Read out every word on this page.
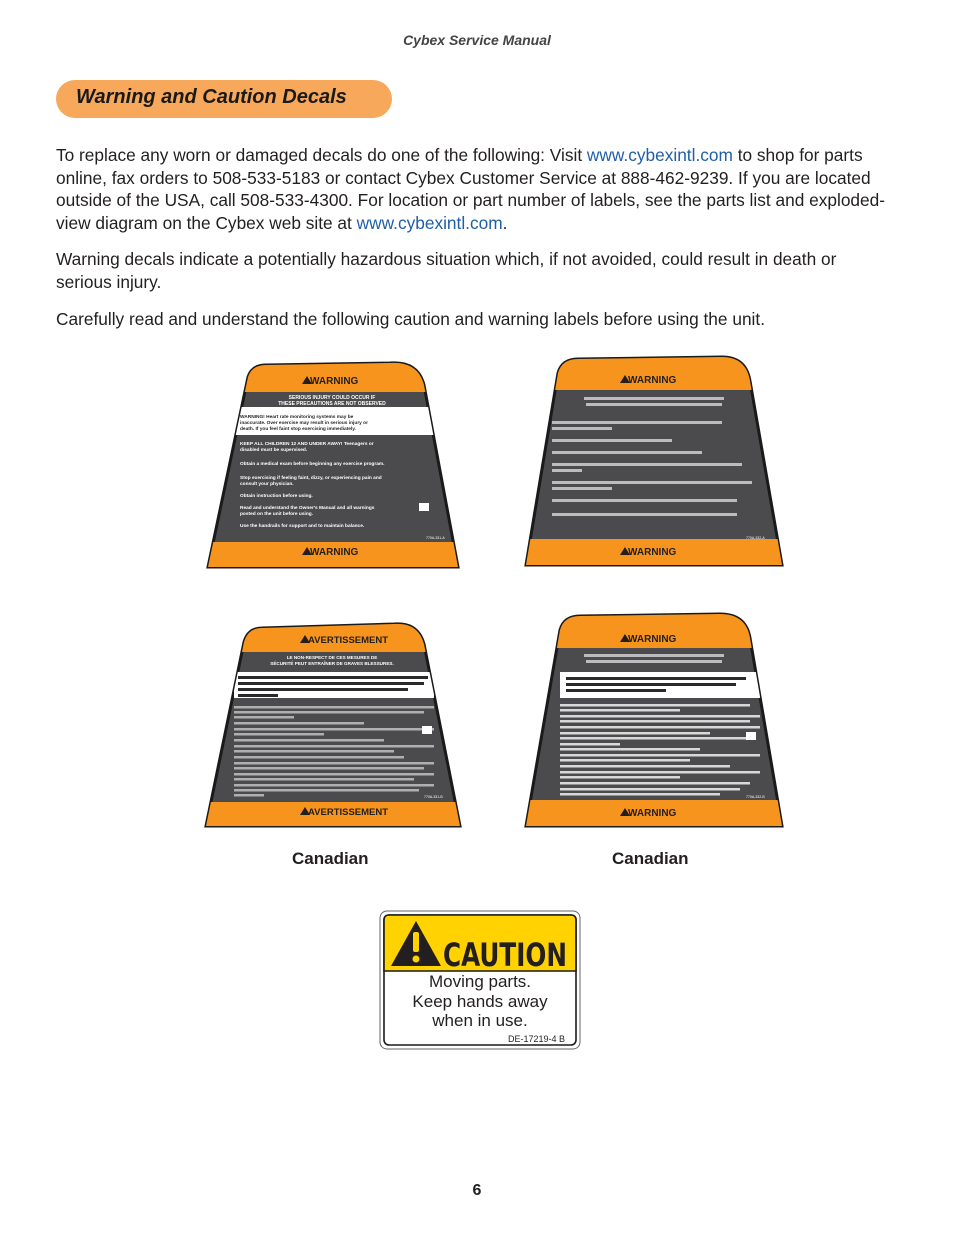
Cybex Service Manual
Warning and Caution Decals

To replace any worn or damaged decals do one of the following: Visit www.cybexintl.com to shop for parts online, fax orders to 508-533-5183 or contact Cybex Customer Service at 888-462-9239. If you are located outside of the USA, call 508-533-4300. For location or part number of labels, see the parts list and exploded-view diagram on the Cybex web site at www.cybexintl.com.

Warning decals indicate a potentially hazardous situation which, if not avoided, could result in death or serious injury.

Carefully read and understand the following caution and warning labels before using the unit.

WARNING
SERIOUS INJURY COULD OCCUR IF
THESE PRECAUTIONS ARE NOT OBSERVED
WARNING! Heart rate monitoring systems may be
inaccurate. Over exercise may result in serious injury or
death. If you feel faint stop exercising immediately.
KEEP ALL CHILDREN 12 AND UNDER AWAY! Teenagers or
disabled must be supervised.
Obtain a medical exam before beginning any exercise program.
Stop exercising if feeling faint, dizzy, or experiencing pain and
consult your physician.
Obtain instruction before using.
Read and understand the Owner's Manual and all warnings
posted on the unit before using.
Use the handrails for support and to maintain balance.
770A-331-A
WARNING
WARNING
770A-332-A
WARNING
AVERTISSEMENT
LE NON-RESPECT DE CES MESURES DE
SÉCURITÉ PEUT ENTRAÎNER DE GRAVES BLESSURES.
770A-331-B
AVERTISSEMENT
WARNING
770A-332-B
WARNING
Canadian	Canadian
CAUTION
Moving parts.
Keep hands away
when in use.
DE-17219-4 B
6
